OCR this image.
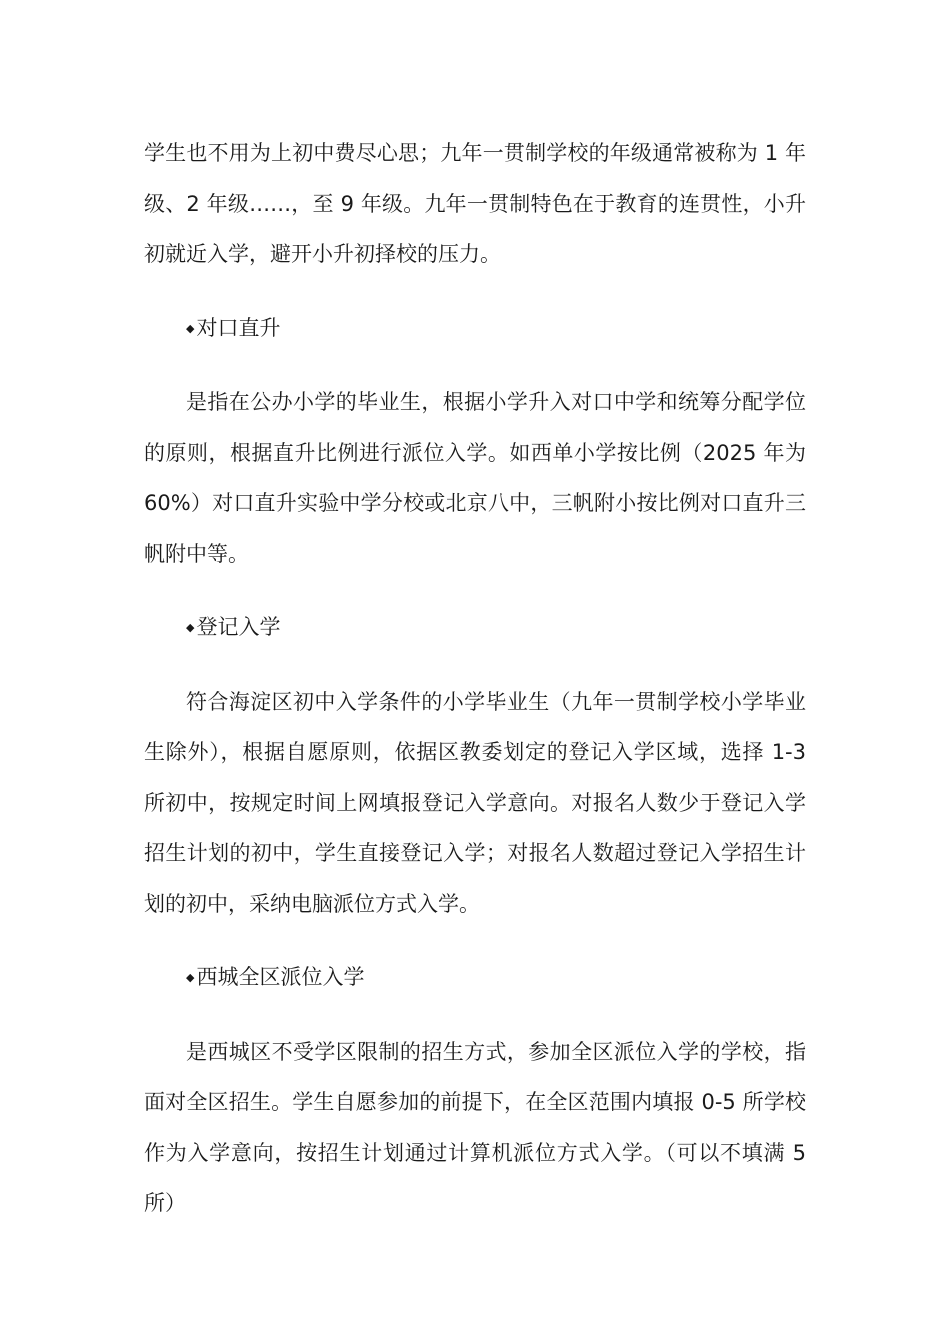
学生也不用为上初中费尽心思；九年一贯制学校的年级通常被称为 1 年级、2 年级……，至 9 年级。九年一贯制特色在于教育的连贯性，小升初就近入学，避开小升初择校的压力。

◆对口直升

是指在公办小学的毕业生，根据小学升入对口中学和统筹分配学位的原则，根据直升比例进行派位入学。如西单小学按比例（2025 年为 60%）对口直升实验中学分校或北京八中，三帆附小按比例对口直升三帆附中等。

◆登记入学

符合海淀区初中入学条件的小学毕业生（九年一贯制学校小学毕业生除外），根据自愿原则，依据区教委划定的登记入学区域，选择 1-3 所初中，按规定时间上网填报登记入学意向。对报名人数少于登记入学招生计划的初中，学生直接登记入学；对报名人数超过登记入学招生计划的初中，采纳电脑派位方式入学。

◆西城全区派位入学

是西城区不受学区限制的招生方式，参加全区派位入学的学校，指面对全区招生。学生自愿参加的前提下，在全区范围内填报 0-5 所学校作为入学意向，按招生计划通过计算机派位方式入学。（可以不填满 5 所）
